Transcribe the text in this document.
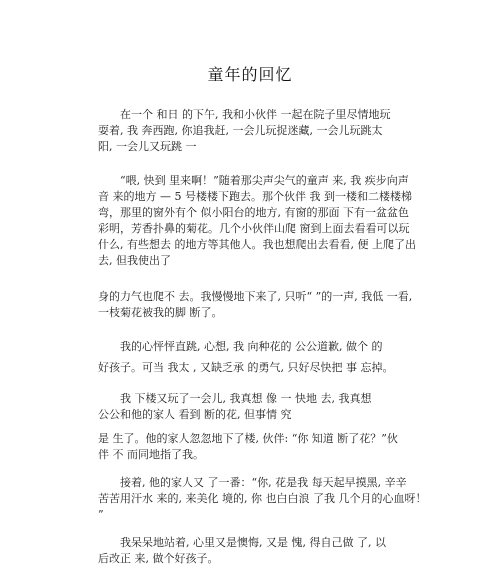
童年的回忆
在一个 和日 的下午, 我和小伙伴 一起在院子里尽情地玩
耍着, 我 奔西跑, 你追我赶, 一会儿玩捉迷藏, 一会儿玩跳太
阳, 一会儿又玩跳 一
“喂, 快到 里来啊！”随着那尖声尖气的童声 来, 我 疾步向声
音 来的地方 — 5 号楼楼下跑去。那个伙伴 我 到一楼和二楼楼梯
弯，那里的窗外有个 似小阳台的地方, 有窗的那面 下有一盆盆色
彩明，芳香扑鼻的菊花。几个小伙伴山爬 窗到上面去看看可以玩
什么, 有些想去 的地方等其他人。我也想爬出去看看, 便 上爬了出
去, 但我使出了
身的力气也爬不 去。我慢慢地下来了, 只听“ ”的一声, 我低 一看,
一枝菊花被我的脚 断了。
我的心怦怦直跳, 心想, 我 向种花的 公公道歉, 做个 的
好孩子。可当 我太 , 又缺乏承 的勇气, 只好尽快把 事 忘掉。
我 下楼又玩了一会儿, 我真想 像 一 快地 去, 我真想
公公和他的家人 看到 断的花, 但事情 究
是 生了。他的家人忽忽地下了楼, 伙伴: “你 知道 断了花？”伙
伴 不 而同地指了我。
接着, 他的家人又 了一番：“你, 花是我 每天起早摸黑, 辛辛
苦苦用汗水 来的, 来美化 境的, 你 也白白浪 了我 几个月的心血呀！
”
我呆呆地站着, 心里又是懊悔, 又是 愧, 得自己做 了, 以
后改正 来, 做个好孩子。
